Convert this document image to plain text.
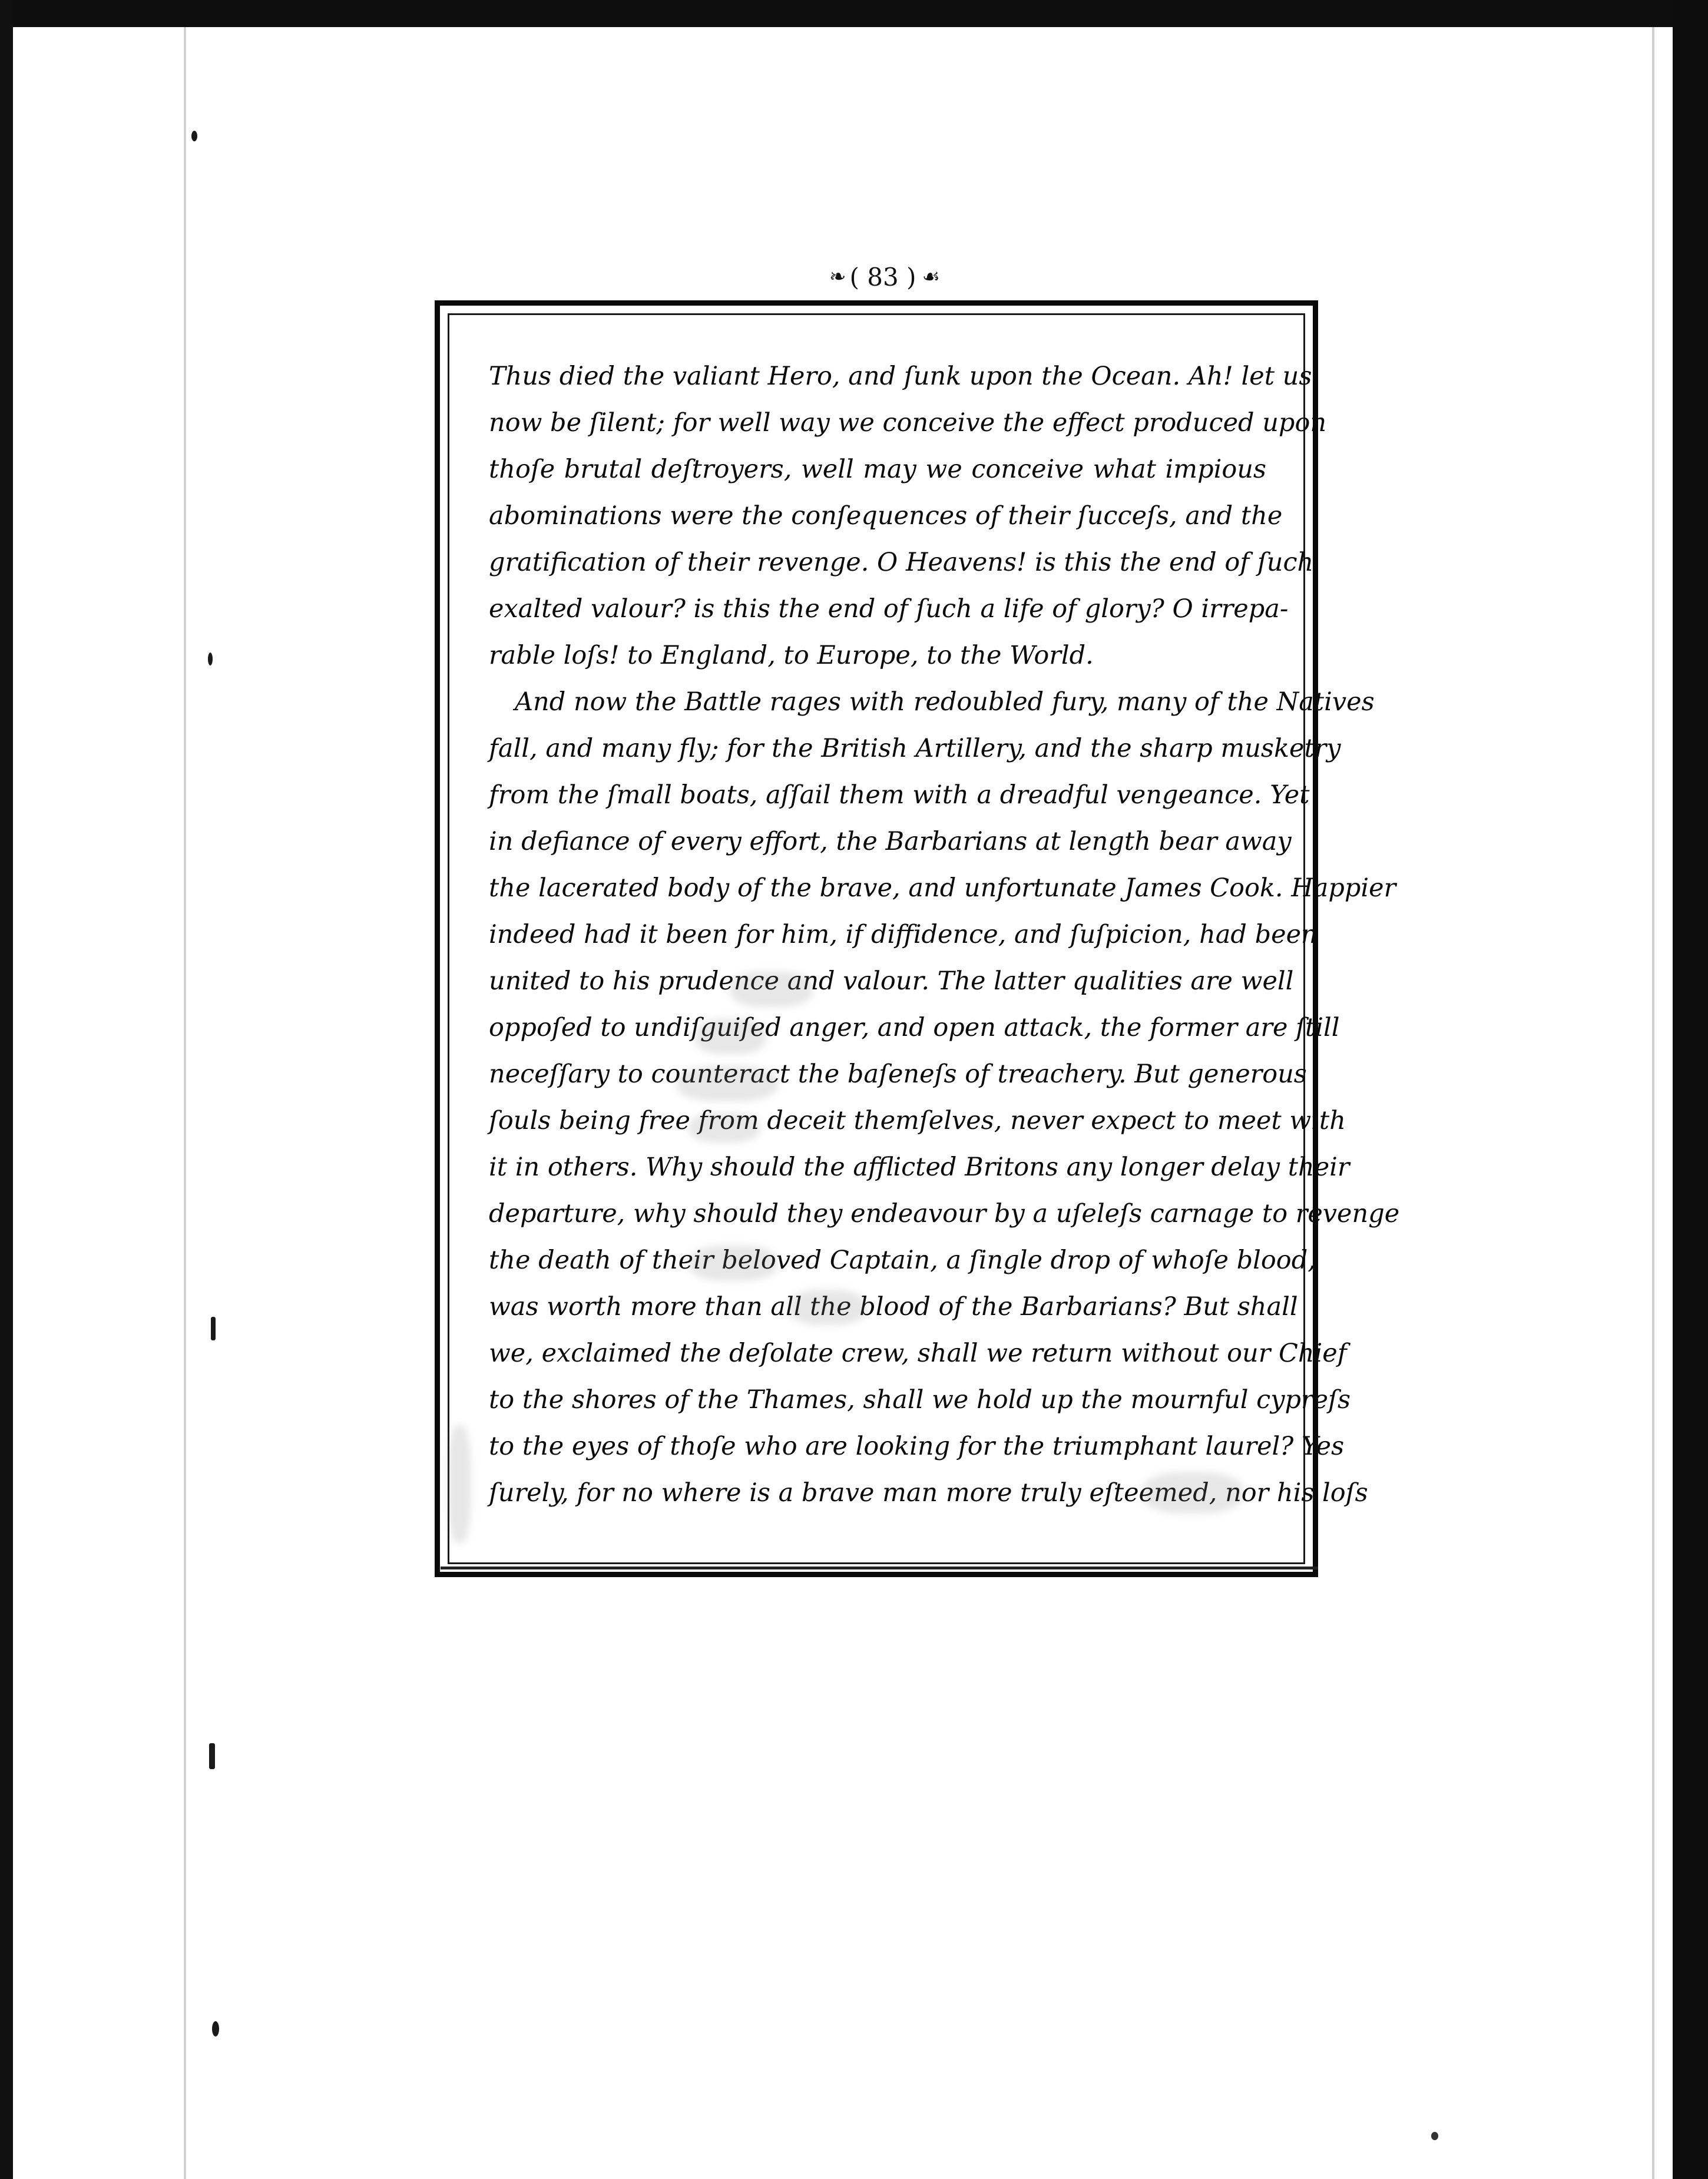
❧ ( 83 ) ☙
Thus died the valiant Hero, and ſunk upon the Ocean. Ah! let us
now be ſilent; for well way we conceive the effect produced upon
thoſe brutal deſtroyers, well may we conceive what impious
abominations were the conſequences of their ſucceſs, and the
gratification of their revenge. O Heavens! is this the end of ſuch
exalted valour? is this the end of ſuch a life of glory? O irrepa-
rable loſs! to England, to Europe, to the World.
And now the Battle rages with redoubled fury, many of the Natives
fall, and many fly; for the British Artillery, and the sharp musketry
from the ſmall boats, aſſail them with a dreadful vengeance. Yet
in defiance of every effort, the Barbarians at length bear away
the lacerated body of the brave, and unfortunate James Cook. Happier
indeed had it been for him, if diffidence, and ſuſpicion, had been
united to his prudence and valour. The latter qualities are well
oppoſed to undiſguiſed anger, and open attack, the former are ſtill
neceſſary to counteract the baſeneſs of treachery. But generous
ſouls being free from deceit themſelves, never expect to meet with
it in others. Why should the afflicted Britons any longer delay their
departure, why should they endeavour by a uſeleſs carnage to revenge
the death of their beloved Captain, a ſingle drop of whoſe blood,
was worth more than all the blood of the Barbarians? But shall
we, exclaimed the deſolate crew, shall we return without our Chief
to the shores of the Thames, shall we hold up the mournful cypreſs
to the eyes of thoſe who are looking for the triumphant laurel? Yes
ſurely, for no where is a brave man more truly eſteemed, nor his loſs
